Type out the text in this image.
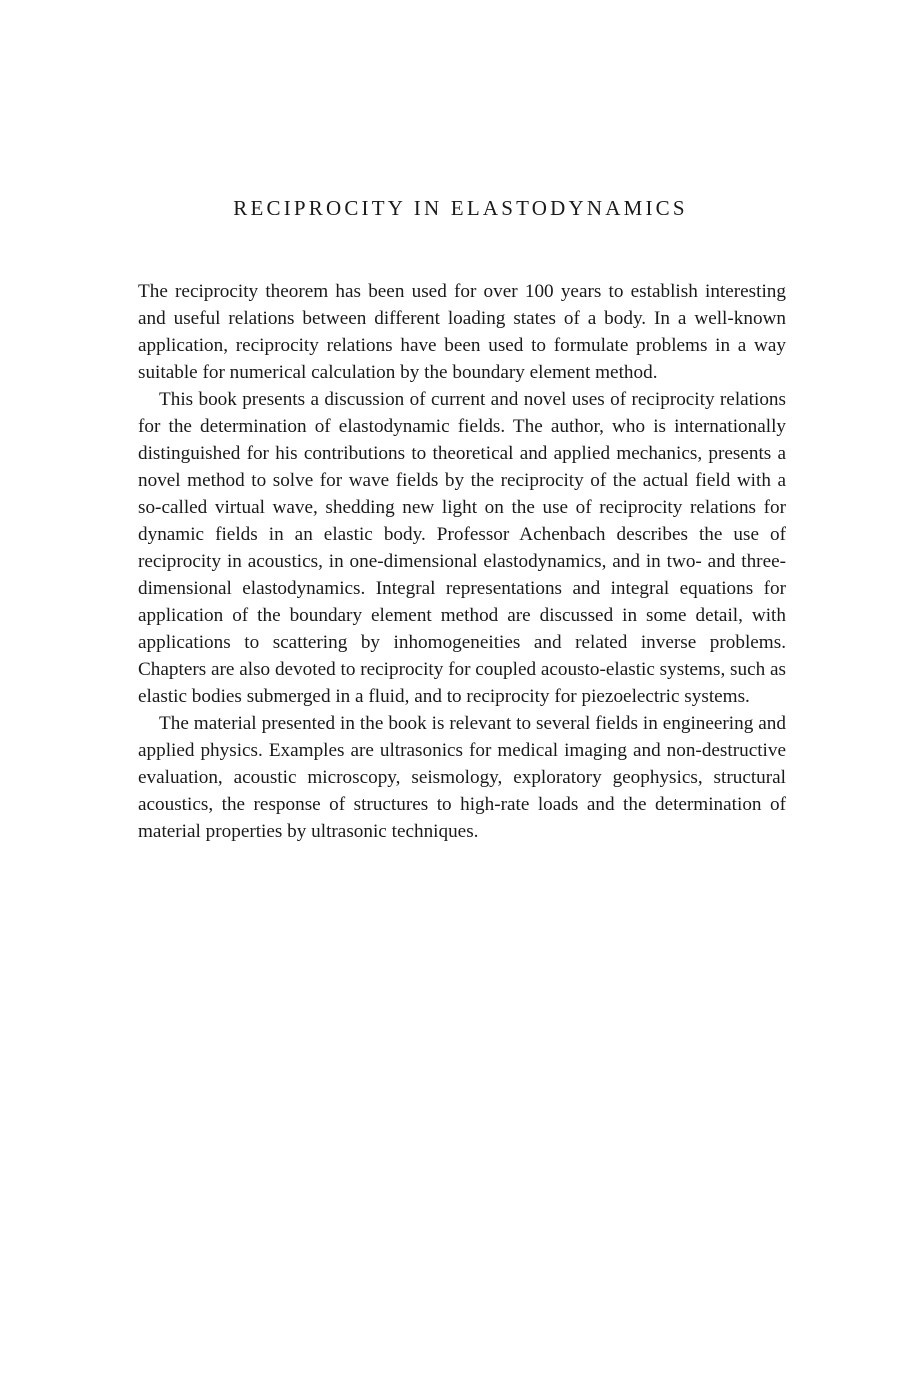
RECIPROCITY IN ELASTODYNAMICS

The reciprocity theorem has been used for over 100 years to establish interesting and useful relations between different loading states of a body. In a well-known application, reciprocity relations have been used to formulate problems in a way suitable for numerical calculation by the boundary element method.

This book presents a discussion of current and novel uses of reciprocity relations for the determination of elastodynamic fields. The author, who is internationally distinguished for his contributions to theoretical and applied mechanics, presents a novel method to solve for wave fields by the reciprocity of the actual field with a so-called virtual wave, shedding new light on the use of reciprocity relations for dynamic fields in an elastic body. Professor Achenbach describes the use of reciprocity in acoustics, in one-dimensional elastodynamics, and in two- and three-dimensional elastodynamics. Integral representations and integral equations for application of the boundary element method are discussed in some detail, with applications to scattering by inhomogeneities and related inverse problems. Chapters are also devoted to reciprocity for coupled acousto-elastic systems, such as elastic bodies submerged in a fluid, and to reciprocity for piezoelectric systems.

The material presented in the book is relevant to several fields in engineering and applied physics. Examples are ultrasonics for medical imaging and non-destructive evaluation, acoustic microscopy, seismology, exploratory geophysics, structural acoustics, the response of structures to high-rate loads and the determination of material properties by ultrasonic techniques.
